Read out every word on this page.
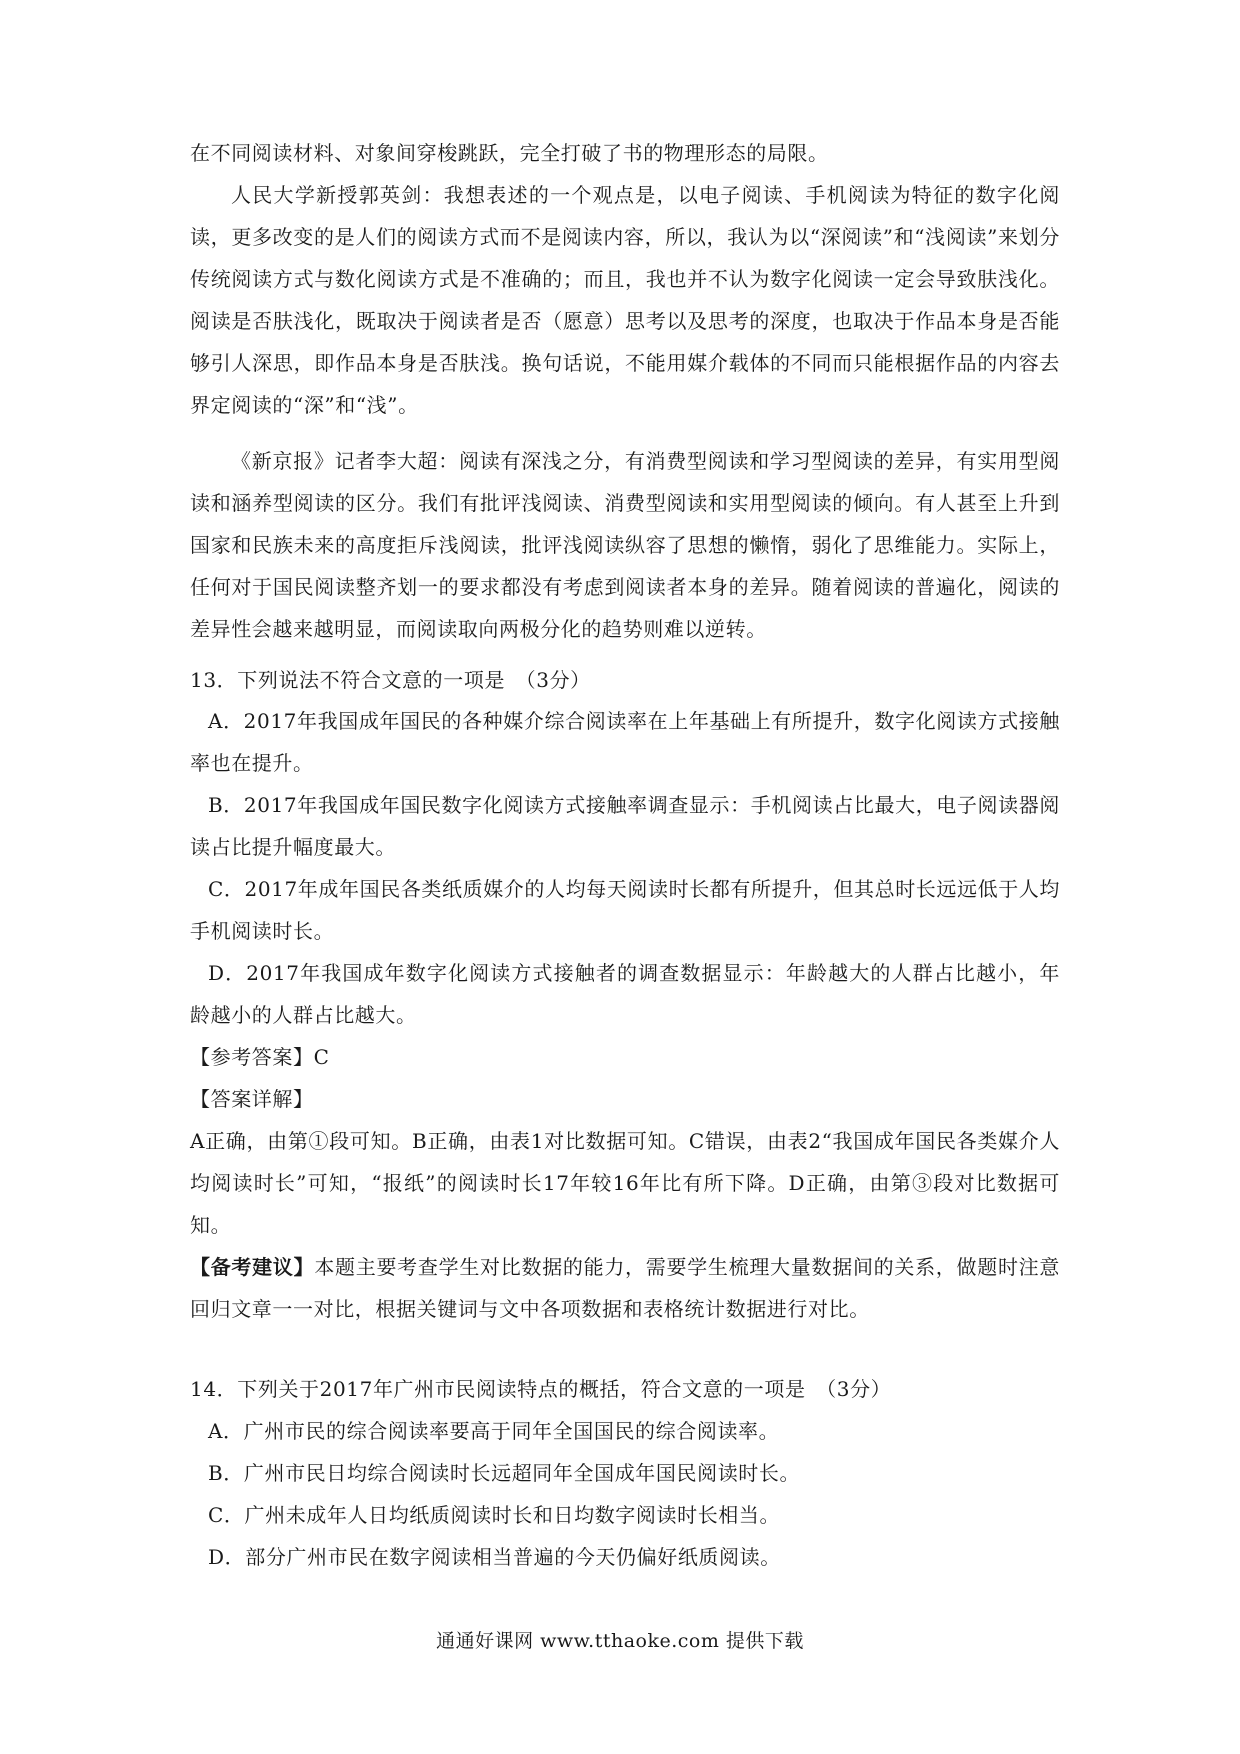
在不同阅读材料、对象间穿梭跳跃，完全打破了书的物理形态的局限。

人民大学新授郭英剑：我想表述的一个观点是，以电子阅读、手机阅读为特征的数字化阅读，更多改变的是人们的阅读方式而不是阅读内容，所以，我认为以“深阅读”和“浅阅读”来划分传统阅读方式与数化阅读方式是不准确的；而且，我也并不认为数字化阅读一定会导致肤浅化。阅读是否肤浅化，既取决于阅读者是否（愿意）思考以及思考的深度，也取决于作品本身是否能够引人深思，即作品本身是否肤浅。换句话说，不能用媒介载体的不同而只能根据作品的内容去界定阅读的“深”和“浅”。

《新京报》记者李大超：阅读有深浅之分，有消费型阅读和学习型阅读的差异，有实用型阅读和涵养型阅读的区分。我们有批评浅阅读、消费型阅读和实用型阅读的倾向。有人甚至上升到国家和民族未来的高度拒斥浅阅读，批评浅阅读纵容了思想的懒惰，弱化了思维能力。实际上，任何对于国民阅读整齐划一的要求都没有考虑到阅读者本身的差异。随着阅读的普遍化，阅读的差异性会越来越明显，而阅读取向两极分化的趋势则难以逆转。

13．下列说法不符合文意的一项是　（3分）

A．2017年我国成年国民的各种媒介综合阅读率在上年基础上有所提升，数字化阅读方式接触率也在提升。

B．2017年我国成年国民数字化阅读方式接触率调查显示：手机阅读占比最大，电子阅读器阅读占比提升幅度最大。

C．2017年成年国民各类纸质媒介的人均每天阅读时长都有所提升，但其总时长远远低于人均手机阅读时长。

D．2017年我国成年数字化阅读方式接触者的调查数据显示：年龄越大的人群占比越小，年龄越小的人群占比越大。

【参考答案】C

【答案详解】

A正确，由第①段可知。B正确，由表1对比数据可知。C错误，由表2“我国成年国民各类媒介人均阅读时长”可知，“报纸”的阅读时长17年较16年比有所下降。D正确，由第③段对比数据可知。

【备考建议】本题主要考查学生对比数据的能力，需要学生梳理大量数据间的关系，做题时注意回归文章一一对比，根据关键词与文中各项数据和表格统计数据进行对比。

14．下列关于2017年广州市民阅读特点的概括，符合文意的一项是　（3分）

A．广州市民的综合阅读率要高于同年全国国民的综合阅读率。

B．广州市民日均综合阅读时长远超同年全国成年国民阅读时长。

C．广州未成年人日均纸质阅读时长和日均数字阅读时长相当。

D．部分广州市民在数字阅读相当普遍的今天仍偏好纸质阅读。

通通好课网 www.tthaoke.com 提供下载
